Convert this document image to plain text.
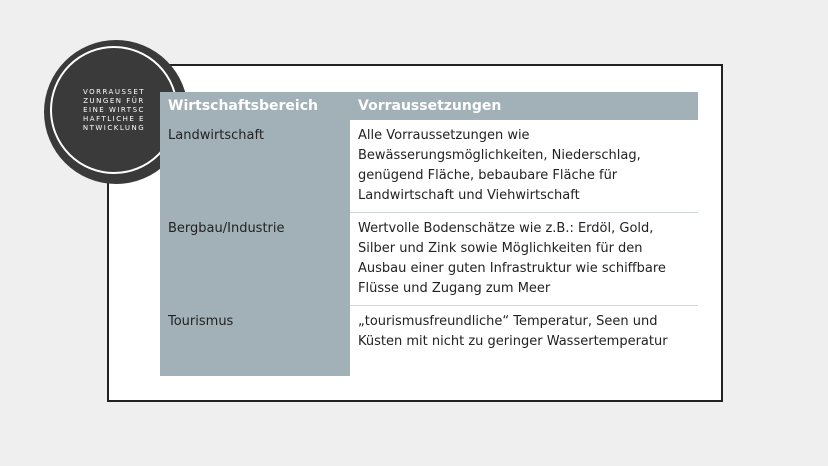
VORRAUSSETZUNGEN FÜR EINE WIRTSCHAFTLICHE ENTWICKLUNG
Wirtschaftsbereich	Vorraussetzungen
Landwirtschaft	Alle Vorraussetzungen wie Bewässerungsmöglichkeiten, Niederschlag, genügend Fläche, bebaubare Fläche für Landwirtschaft und Viehwirtschaft
Bergbau/Industrie	Wertvolle Bodenschätze wie z.B.: Erdöl, Gold, Silber und Zink sowie Möglichkeiten für den Ausbau einer guten Infrastruktur wie schiffbare Flüsse und Zugang zum Meer
Tourismus	„tourismusfreundliche“ Temperatur, Seen und Küsten mit nicht zu geringer Wassertemperatur
